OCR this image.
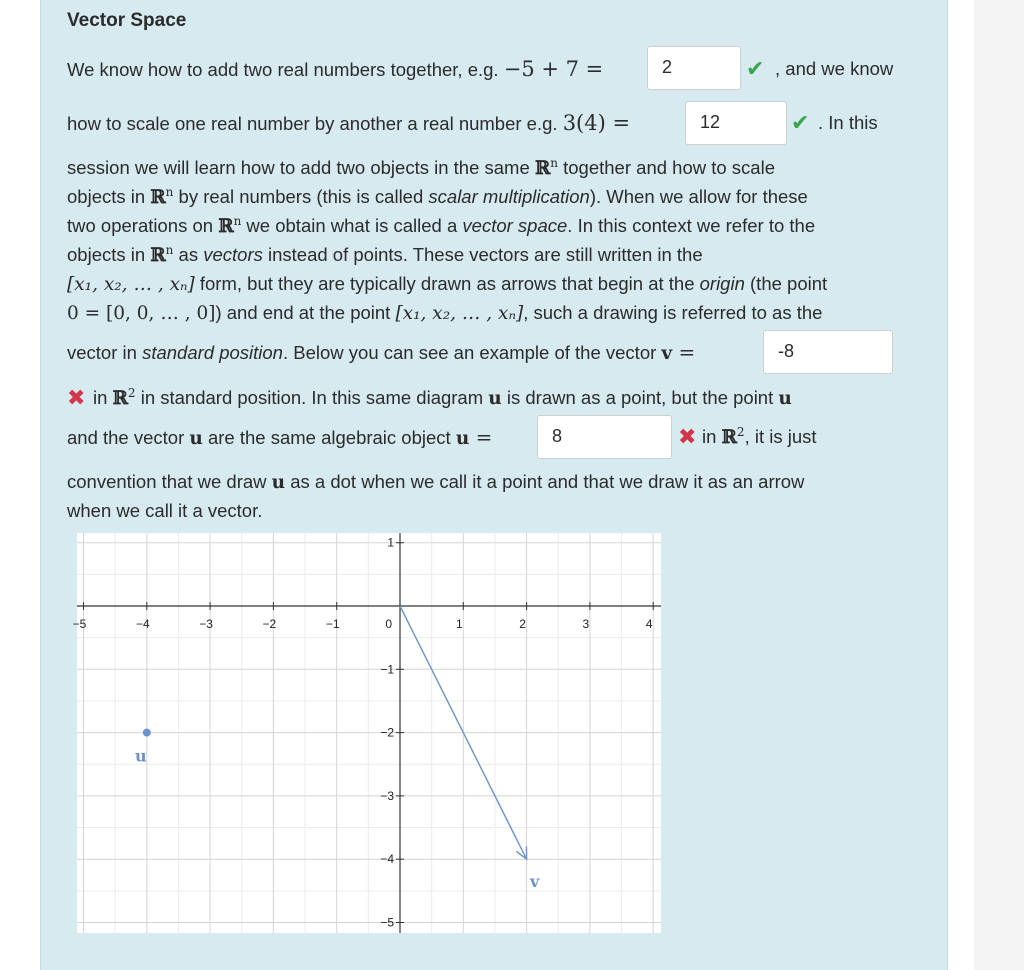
Vector Space
We know how to add two real numbers together, e.g. −5 + 7 =	2	✔ , and we know
how to scale one real number by another a real number e.g. 3(4) =	12	✔ . In this
session we will learn how to add two objects in the same ℝ$^n$ together and how to scale
objects in ℝ$^n$ by real numbers (this is called scalar multiplication). When we allow for these
two operations on ℝ$^n$ we obtain what is called a vector space. In this context we refer to the
objects in ℝ$^n$ as vectors instead of points. These vectors are still written in the
[x₁, x₂, … , xₙ] form, but they are typically drawn as arrows that begin at the origin (the point
0 = [0, 0, … , 0]) and end at the point [x₁, x₂, … , xₙ], such a drawing is referred to as the
vector in standard position. Below you can see an example of the vector v =	-8
✖ in ℝ$^2$ in standard position. In this same diagram u is drawn as a point, but the point u
and the vector u are the same algebraic object u =	8	✖ in ℝ$^2$, it is just
convention that we draw u as a dot when we call it a point and that we draw it as an arrow
when we call it a vector.
−5	−4	−3	−2	−1	0	1	2	3	4
1
−1
−2
−3
−4
−5
v
u
